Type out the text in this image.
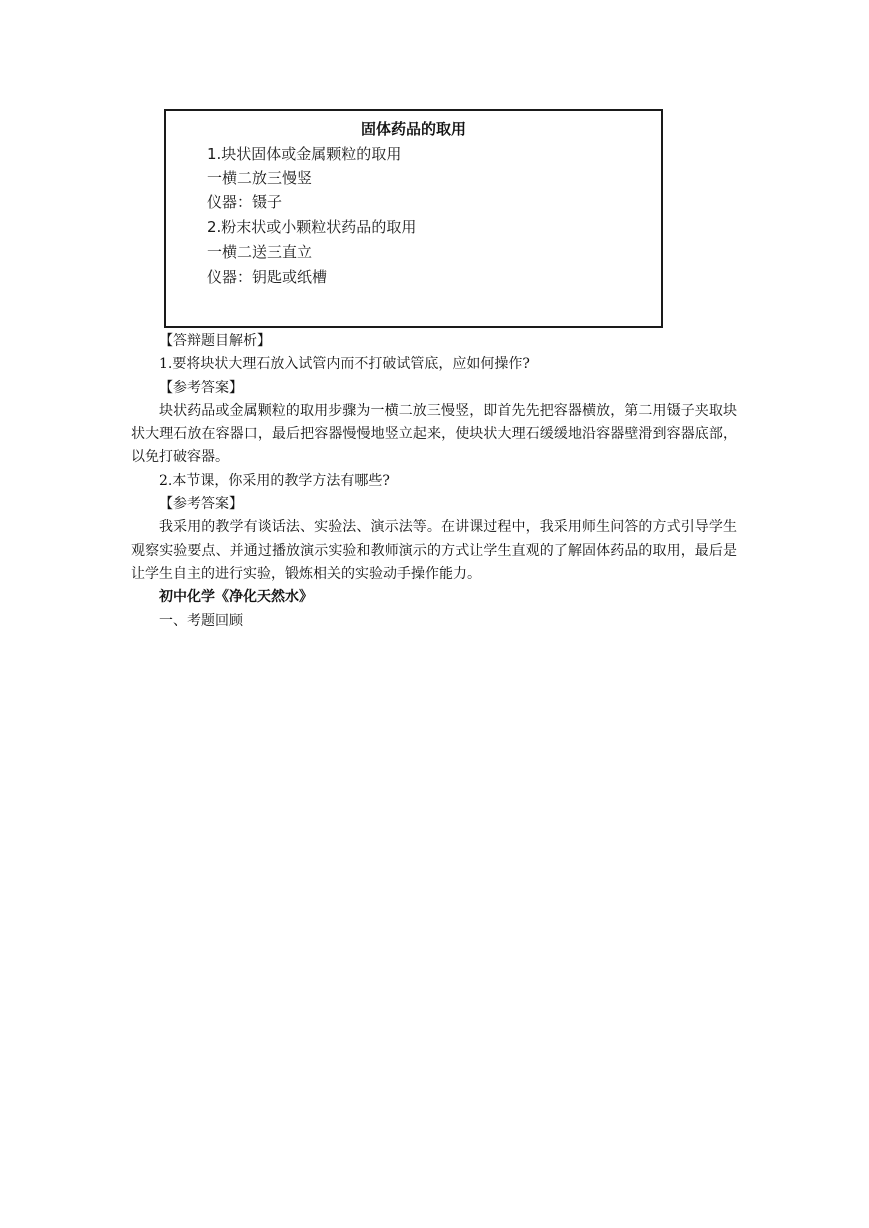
固体药品的取用
1.块状固体或金属颗粒的取用
一横二放三慢竖
仪器：镊子
2.粉末状或小颗粒状药品的取用
一横二送三直立
仪器：钥匙或纸槽

【答辩题目解析】

1.要将块状大理石放入试管内而不打破试管底，应如何操作?

【参考答案】

块状药品或金属颗粒的取用步骤为一横二放三慢竖，即首先先把容器横放，第二用镊子夹取块状大理石放在容器口，最后把容器慢慢地竖立起来，使块状大理石缓缓地沿容器壁滑到容器底部，以免打破容器。

2.本节课，你采用的教学方法有哪些?

【参考答案】

我采用的教学有谈话法、实验法、演示法等。在讲课过程中，我采用师生问答的方式引导学生观察实验要点、并通过播放演示实验和教师演示的方式让学生直观的了解固体药品的取用，最后是让学生自主的进行实验，锻炼相关的实验动手操作能力。

初中化学《净化天然水》

一、考题回顾
